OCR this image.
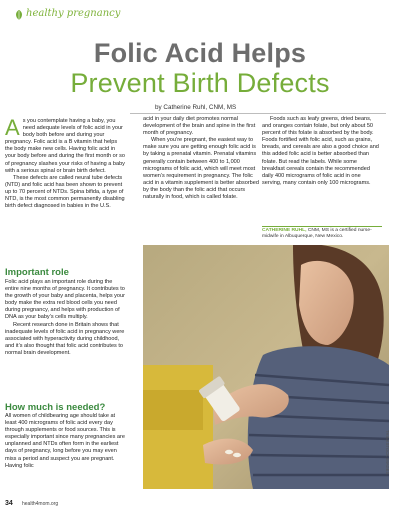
healthy pregnancy
Folic Acid Helps
Prevent Birth Defects
by Catherine Ruhl, CNM, MS

As you contemplate having a baby, you need adequate levels of folic acid in your body both before and during your pregnancy. Folic acid is a B vitamin that helps the body make new cells. Having folic acid in your body before and during the first month or so of pregnancy slashes your risks of having a baby with a serious spinal or brain birth defect.

These defects are called neural tube defects (NTD) and folic acid has been shown to prevent up to 70 percent of NTDs. Spina bifida, a type of NTD, is the most common permanently disabling birth defect diagnosed in babies in the U.S.

Important role

Folic acid plays an important role during the entire nine months of pregnancy. It contributes to the growth of your baby and placenta, helps your body make the extra red blood cells you need during pregnancy, and helps with production of DNA as your baby’s cells multiply.

Recent research done in Britain shows that inadequate levels of folic acid in pregnancy were associated with hyperactivity during childhood, and it’s also thought that folic acid contributes to normal brain development.

How much is needed?

All women of childbearing age should take at least 400 micrograms of folic acid every day through supplements or food sources. This is especially important since many pregnancies are unplanned and NTDs often form in the earliest days of pregnancy, long before you may even miss a period and suspect you are pregnant. Having folic

acid in your daily diet promotes normal development of the brain and spine in the first month of pregnancy.

When you’re pregnant, the easiest way to make sure you are getting enough folic acid is by taking a prenatal vitamin. Prenatal vitamins generally contain between 400 to 1,000 micrograms of folic acid, which will meet most women’s requirement in pregnancy. The folic acid in a vitamin supplement is better absorbed by the body than the folic acid that occurs naturally in food, which is called folate.

Foods such as leafy greens, dried beans, and oranges contain folate, but only about 50 percent of this folate is absorbed by the body. Foods fortified with folic acid, such as grains, breads, and cereals are also a good choice and this added folic acid is better absorbed than folate. But read the labels. While some breakfast cereals contain the recommended daily 400 micrograms of folic acid in one serving, many contain only 100 micrograms.

CATHERINE RUHL, CNM, MS is a certified nurse-midwife in Albuquerque, New Mexico.
THINKSTOCK IMAGES
34 health4mom.org
